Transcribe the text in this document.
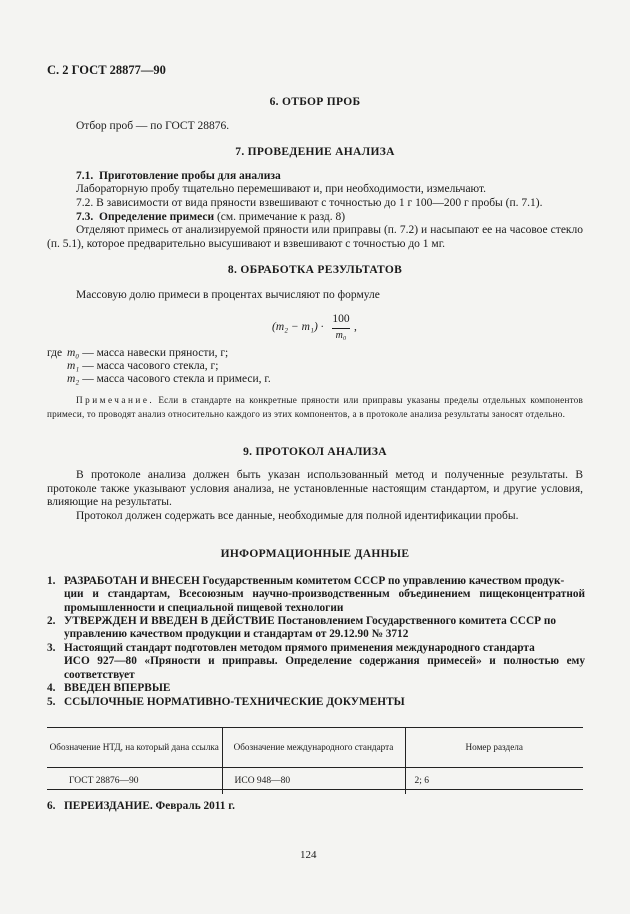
С. 2 ГОСТ 28877—90
6. ОТБОР ПРОБ
Отбор проб — по ГОСТ 28876.
7. ПРОВЕДЕНИЕ АНАЛИЗА
7.1. Приготовление пробы для анализа
Лабораторную пробу тщательно перемешивают и, при необходимости, измельчают.
7.2. В зависимости от вида пряности взвешивают с точностью до 1 г 100—200 г пробы (п. 7.1).
7.3. Определение примеси (см. примечание к разд. 8)
Отделяют примесь от анализируемой пряности или приправы (п. 7.2) и насыпают ее на часовое стекло (п. 5.1), которое предварительно высушивают и взвешивают с точностью до 1 мг.
8. ОБРАБОТКА РЕЗУЛЬТАТОВ
Массовую долю примеси в процентах вычисляют по формуле
(m₂ − m₁) ·
100
m₀
,
где m₀ — масса навески пряности, г;
m₁ — масса часового стекла, г;
m₂ — масса часового стекла и примеси, г.
Примечание. Если в стандарте на конкретные пряности или приправы указаны пределы отдельных компонентов примеси, то проводят анализ относительно каждого из этих компонентов, а в протоколе анализа результаты заносят отдельно.
9. ПРОТОКОЛ АНАЛИЗА
В протоколе анализа должен быть указан использованный метод и полученные результаты. В протоколе также указывают условия анализа, не установленные настоящим стандартом, и другие условия, влияющие на результаты.
Протокол должен содержать все данные, необходимые для полной идентификации пробы.
ИНФОРМАЦИОННЫЕ ДАННЫЕ
1. РАЗРАБОТАН И ВНЕСЕН Государственным комитетом СССР по управлению качеством продук-
ции и стандартам, Всесоюзным научно-производственным объединением пищеконцентратной промышленности и специальной пищевой технологии
2. УТВЕРЖДЕН И ВВЕДЕН В ДЕЙСТВИЕ Постановлением Государственного комитета СССР по
управлению качеством продукции и стандартам от 29.12.90 № 3712
3. Настоящий стандарт подготовлен методом прямого применения международного стандарта
ИСО 927—80 «Пряности и приправы. Определение содержания примесей» и полностью ему соответствует
4. ВВЕДЕН ВПЕРВЫЕ
5. ССЫЛОЧНЫЕ НОРМАТИВНО-ТЕХНИЧЕСКИЕ ДОКУМЕНТЫ
Обозначение НТД, на который дана ссылка	Обозначение международного стандарта	Номер раздела
ГОСТ 28876—90	ИСО 948—80	2; 6
6. ПЕРЕИЗДАНИЕ. Февраль 2011 г.
124
